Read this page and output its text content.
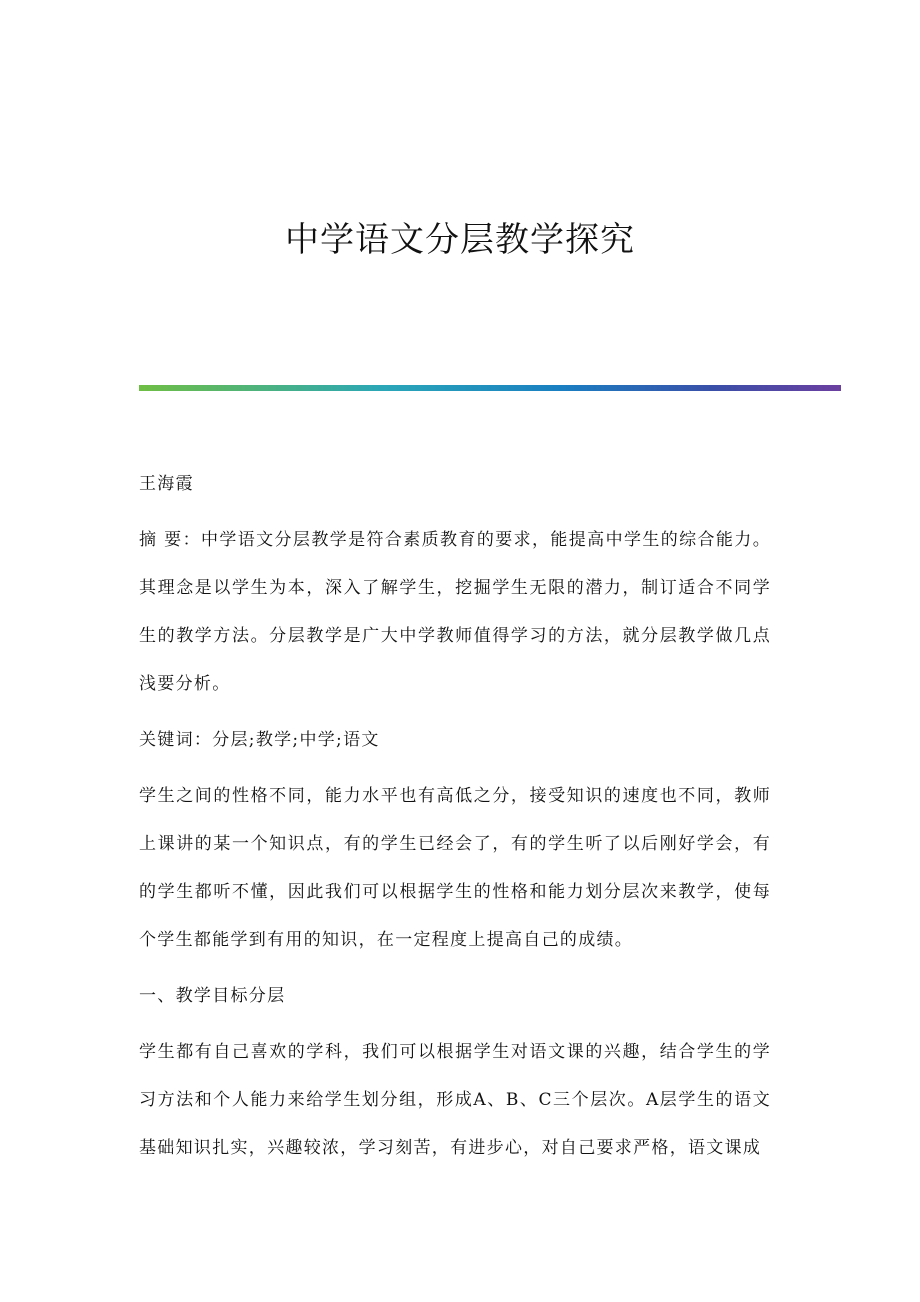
中学语文分层教学探究

王海霞

摘 要：中学语文分层教学是符合素质教育的要求，能提高中学生的综合能力。其理念是以学生为本，深入了解学生，挖掘学生无限的潜力，制订适合不同学生的教学方法。分层教学是广大中学教师值得学习的方法，就分层教学做几点浅要分析。

关键词：分层;教学;中学;语文

学生之间的性格不同，能力水平也有高低之分，接受知识的速度也不同，教师上课讲的某一个知识点，有的学生已经会了，有的学生听了以后刚好学会，有的学生都听不懂，因此我们可以根据学生的性格和能力划分层次来教学，使每个学生都能学到有用的知识，在一定程度上提高自己的成绩。

一、教学目标分层

学生都有自己喜欢的学科，我们可以根据学生对语文课的兴趣，结合学生的学习方法和个人能力来给学生划分组，形成A、B、C三个层次。A层学生的语文基础知识扎实，兴趣较浓，学习刻苦，有进步心，对自己要求严格，语文课成
